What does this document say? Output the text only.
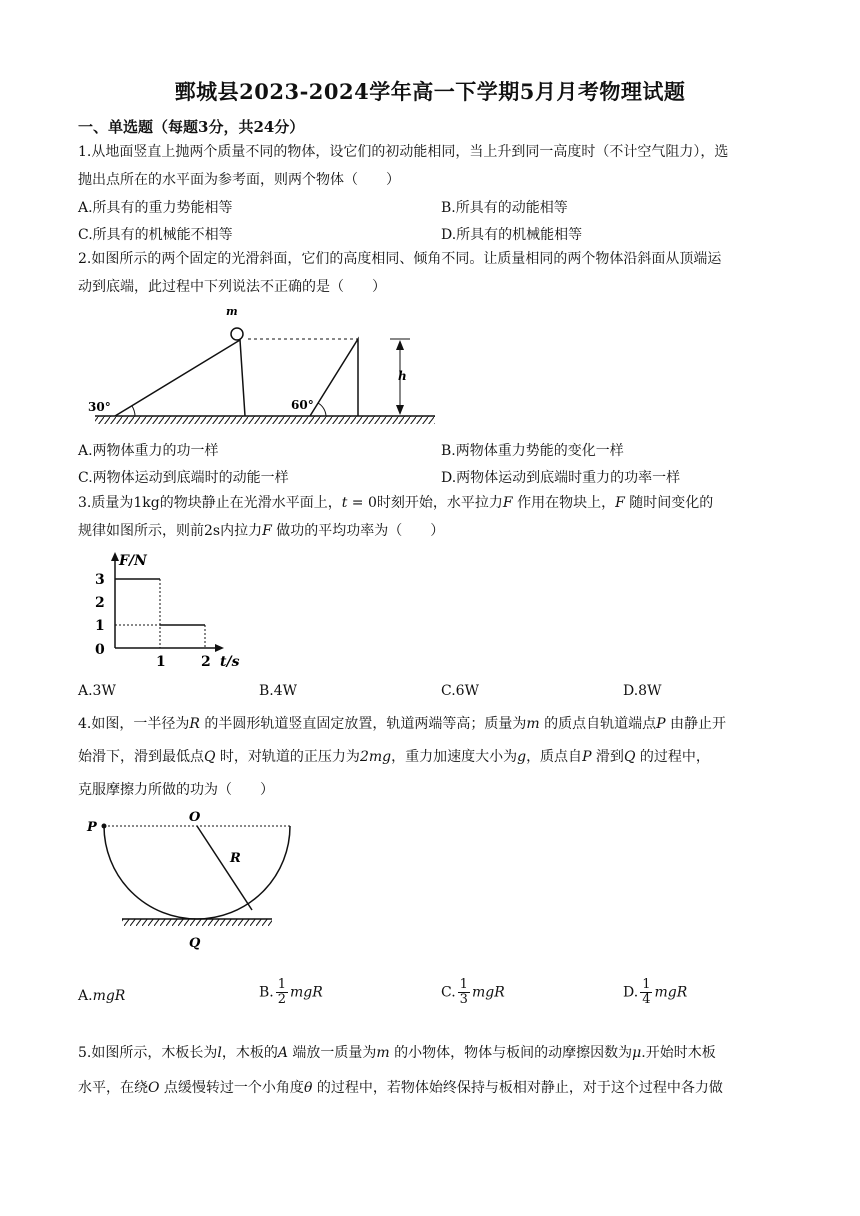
鄄城县2023-2024学年高一下学期5月月考物理试题
一、单选题（每题3分，共24分）
1.从地面竖直上抛两个质量不同的物体，设它们的初动能相同，当上升到同一高度时（不计空气阻力），选
抛出点所在的水平面为参考面，则两个物体（　　）
A.所具有的重力势能相等	B.所具有的动能相等
C.所具有的机械能不相等	D.所具有的机械能相等
2.如图所示的两个固定的光滑斜面，它们的高度相同、倾角不同。让质量相同的两个物体沿斜面从顶端运
动到底端，此过程中下列说法不正确的是（　　）
m
30°	60°
h
A.两物体重力的功一样	B.两物体重力势能的变化一样
C.两物体运动到底端时的动能一样	D.两物体运动到底端时重力的功率一样
3.质量为1kg的物块静止在光滑水平面上，t = 0时刻开始，水平拉力F 作用在物块上，F 随时间变化的
规律如图所示，则前2s内拉力F 做功的平均功率为（　　）
F/N
t/s
0
3
2
1
1	2
A.3W	B.4W	C.6W	D.8W
4.如图，一半径为R 的半圆形轨道竖直固定放置，轨道两端等高；质量为m 的质点自轨道端点P 由静止开
始滑下，滑到最低点Q 时，对轨道的正压力为2mg，重力加速度大小为g，质点自P 滑到Q 的过程中，
克服摩擦力所做的功为（　　）
P
O
R
Q
A.mgR	B. $\frac{1}{2}$ mgR	C. $\frac{1}{3}$ mgR	D. $\frac{1}{4}$ mgR
5.如图所示，木板长为l，木板的A 端放一质量为m 的小物体，物体与板间的动摩擦因数为μ.开始时木板
水平，在绕O 点缓慢转过一个小角度θ 的过程中，若物体始终保持与板相对静止，对于这个过程中各力做
